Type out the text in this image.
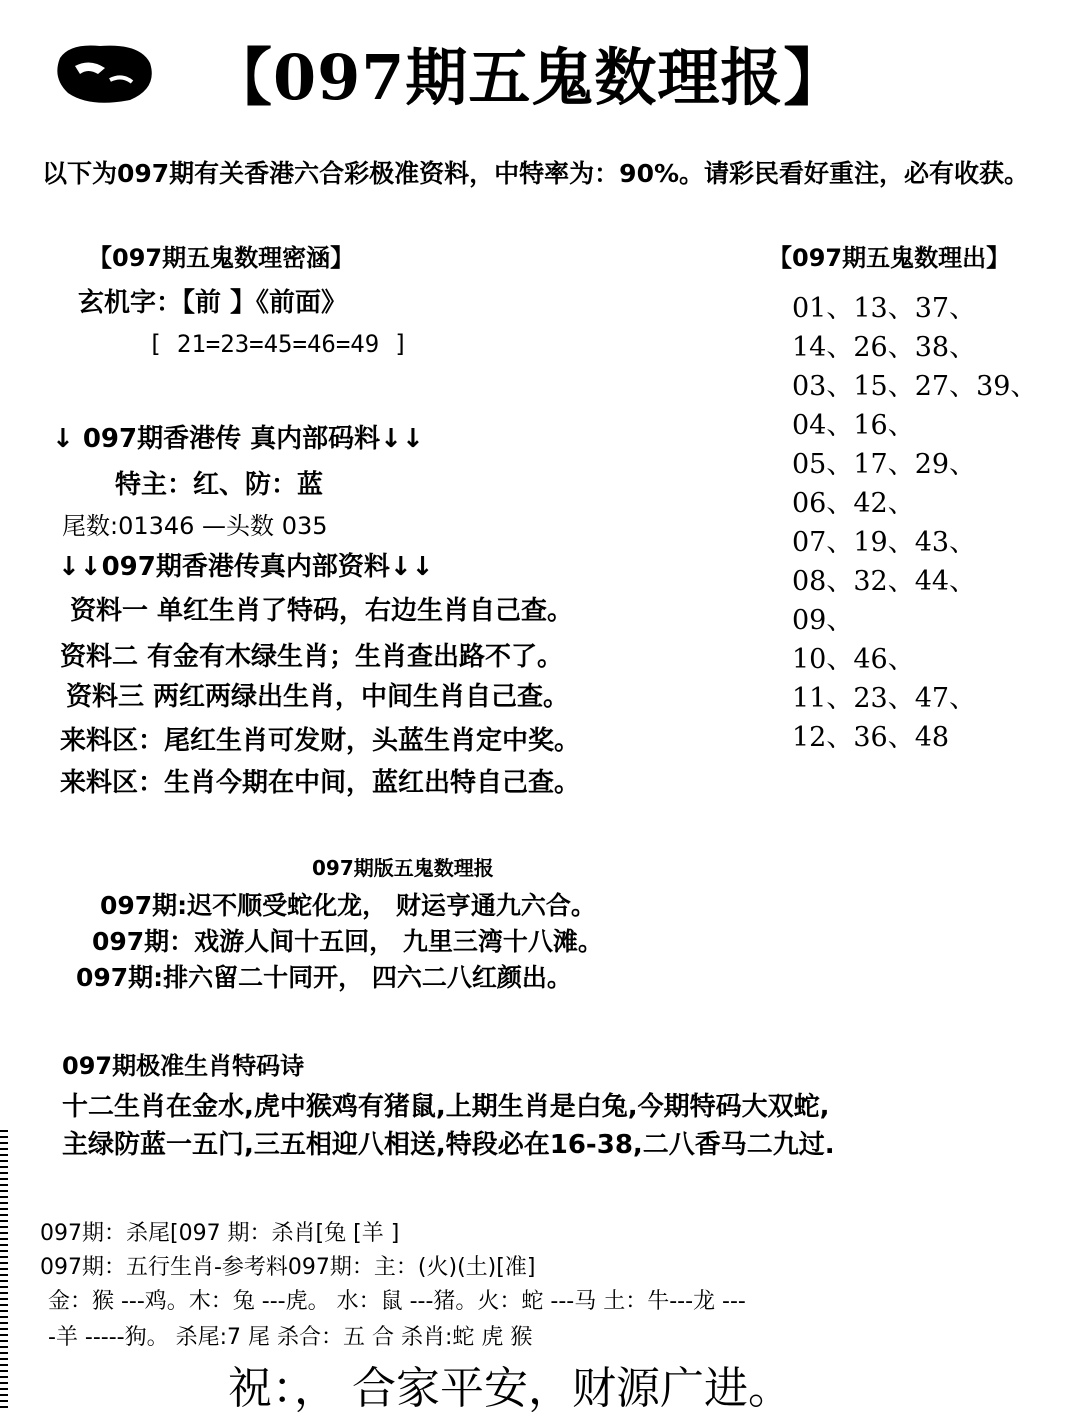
【097期五鬼数理报】
以下为097期有关香港六合彩极准资料，中特率为：90%。请彩民看好重注，必有收获。
【097期五鬼数理密涵】
玄机字：【前 】《前面》
[ 21=23=45=46=49 ]
↓ 097期香港传 真内部码料↓↓
特主：红、防：蓝
尾数:01346 —头数 035
↓↓097期香港传真内部资料↓↓
资料一 单红生肖了特码，右边生肖自己查。
资料二 有金有木绿生肖；生肖查出路不了。
资料三 两红两绿出生肖，中间生肖自己查。
来料区：尾红生肖可发财，头蓝生肖定中奖。
来料区：生肖今期在中间，蓝红出特自己查。
【097期五鬼数理出】
01、13、37、
14、26、38、
03、15、27、39、
04、16、
05、17、29、
06、42、
07、19、43、
08、32、44、
09、
10、46、
11、23、47、
12、36、48
097期版五鬼数理报
097期:迟不顺受蛇化龙， 财运亨通九六合。
097期：戏游人间十五回， 九里三湾十八滩。
097期:排六留二十同开， 四六二八红颜出。
097期极准生肖特码诗
十二生肖在金水,虎中猴鸡有猪鼠,上期生肖是白兔,今期特码大双蛇,
主绿防蓝一五门,三五相迎八相送,特段必在16-38,二八香马二九过.
097期：杀尾[097 期：杀肖[兔 [羊 ]
097期：五行生肖-参考料097期：主：(火)(土)[准]
金：猴 ---鸡。木：兔 ---虎。 水：鼠 ---猪。火：蛇 ---马 土：牛---龙 ---
-羊 -----狗。 杀尾:7 尾 杀合：五 合 杀肖:蛇 虎 猴
祝：， 合家平安，财源广进。
